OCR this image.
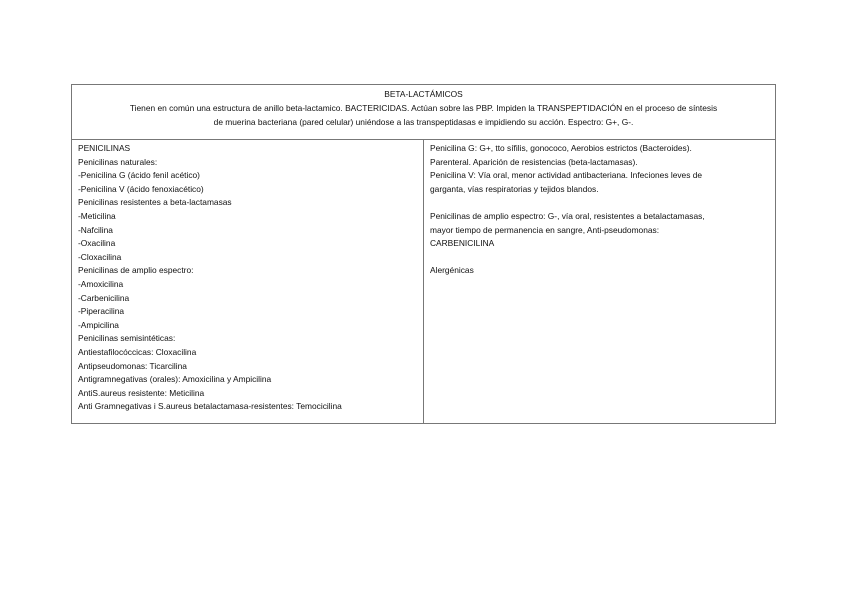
BETA-LACTÁMICOS
Tienen en común una estructura de anillo beta-lactamico. BACTERICIDAS. Actúan sobre las PBP. Impiden la TRANSPEPTIDACIÓN en el proceso de síntesis
de muerina bacteriana (pared celular) uniéndose a las transpeptidasas e impidiendo su acción. Espectro: G+, G-.
PENICILINAS
Penicilinas naturales:
-Penicilina G (ácido fenil acético)
-Penicilina V (ácido fenoxiacético)
Penicilinas resistentes a beta-lactamasas
-Meticilina
-Nafcilina
-Oxacilina
-Cloxacilina
Penicilinas de amplio espectro:
-Amoxicilina
-Carbenicilina
-Piperacilina
-Ampicilina
Penicilinas semisintéticas:
Antiestafilocóccicas: Cloxacilina
Antipseudomonas: Ticarcilina
Antigramnegativas (orales): Amoxicilina y Ampicilina
AntiS.aureus resistente: Meticilina
Anti Gramnegativas i S.aureus betalactamasa-resistentes: Temocicilina
Penicilina G: G+, tto sífilis, gonococo, Aerobios estrictos (Bacteroides).
Parenteral. Aparición de resistencias (beta-lactamasas).
Penicilina V: Vía oral, menor actividad antibacteriana. Infeciones leves de
garganta, vías respiratorias y tejidos blandos.
Penicilinas de amplio espectro: G-, vía oral, resistentes a betalactamasas,
mayor tiempo de permanencia en sangre, Anti-pseudomonas:
CARBENICILINA
Alergénicas
